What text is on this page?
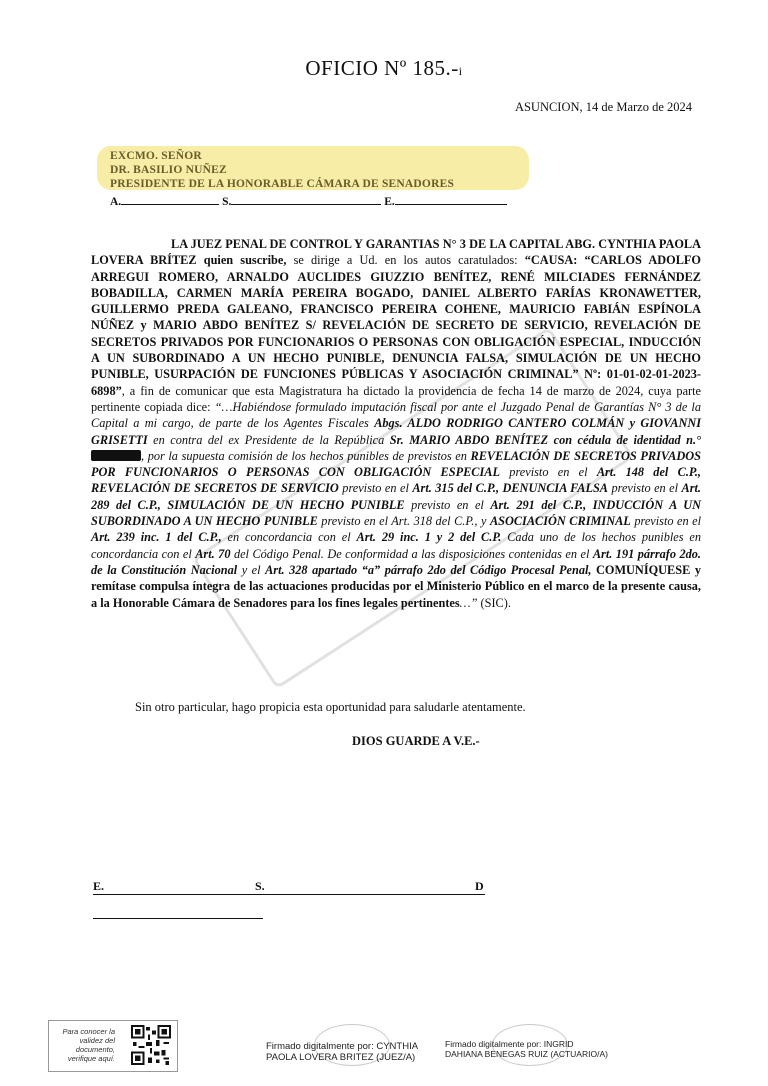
OFICIO Nº 185.-i
ASUNCION, 14 de Marzo de 2024
EXCMO. SEÑOR
DR. BASILIO NUÑEZ
PRESIDENTE DE LA HONORABLE CÁMARA DE SENADORES
A.	S.	E.

LA JUEZ PENAL DE CONTROL Y GARANTIAS N° 3 DE LA CAPITAL ABG. CYNTHIA PAOLA LOVERA BRÍTEZ quien suscribe, se dirige a Ud. en los autos caratulados: “CAUSA: “CARLOS ADOLFO ARREGUI ROMERO, ARNALDO AUCLIDES GIUZZIO BENÍTEZ, RENÉ MILCIADES FERNÁNDEZ BOBADILLA, CARMEN MARÍA PEREIRA BOGADO, DANIEL ALBERTO FARÍAS KRONAWETTER, GUILLERMO PREDA GALEANO, FRANCISCO PEREIRA COHENE, MAURICIO FABIÁN ESPÍNOLA NÚÑEZ y MARIO ABDO BENÍTEZ S/ REVELACIÓN DE SECRETO DE SERVICIO, REVELACIÓN DE SECRETOS PRIVADOS POR FUNCIONARIOS O PERSONAS CON OBLIGACIÓN ESPECIAL, INDUCCIÓN A UN SUBORDINADO A UN HECHO PUNIBLE, DENUNCIA FALSA, SIMULACIÓN DE UN HECHO PUNIBLE, USURPACIÓN DE FUNCIONES PÚBLICAS Y ASOCIACIÓN CRIMINAL” Nº: 01-01-02-01-2023-6898”, a fin de comunicar que esta Magistratura ha dictado la providencia de fecha 14 de marzo de 2024, cuya parte pertinente copiada dice: “…Habiéndose formulado imputación fiscal por ante el Juzgado Penal de Garantías N° 3 de la Capital a mi cargo, de parte de los Agentes Fiscales Abgs. ALDO RODRIGO CANTERO COLMÁN y GIOVANNI GRISETTI en contra del ex Presidente de la República Sr. MARIO ABDO BENÍTEZ con cédula de identidad n.° , por la supuesta comisión de los hechos punibles de previstos en REVELACIÓN DE SECRETOS PRIVADOS POR FUNCIONARIOS O PERSONAS CON OBLIGACIÓN ESPECIAL previsto en el Art. 148 del C.P., REVELACIÓN DE SECRETOS DE SERVICIO previsto en el Art. 315 del C.P., DENUNCIA FALSA previsto en el Art. 289 del C.P., SIMULACIÓN DE UN HECHO PUNIBLE previsto en el Art. 291 del C.P., INDUCCIÓN A UN SUBORDINADO A UN HECHO PUNIBLE previsto en el Art. 318 del C.P., y ASOCIACIÓN CRIMINAL previsto en el Art. 239 inc. 1 del C.P., en concordancia con el Art. 29 inc. 1 y 2 del C.P. Cada uno de los hechos punibles en concordancia con el Art. 70 del Código Penal. De conformidad a las disposiciones contenidas en el Art. 191 párrafo 2do. de la Constitución Nacional y el Art. 328 apartado “a” párrafo 2do del Código Procesal Penal, COMUNÍQUESE y remítase compulsa íntegra de las actuaciones producidas por el Ministerio Público en el marco de la presente causa, a la Honorable Cámara de Senadores para los fines legales pertinentes…” (SIC).

Sin otro particular, hago propicia esta oportunidad para saludarle atentamente.
DIOS GUARDE A V.E.-
E.	S.	D
Para conocer la validez del documento, verifique aquí.
Firmado digitalmente por: CYNTHIA
PAOLA LOVERA BRITEZ (JUEZ/A)
Firmado digitalmente por: INGRID
DAHIANA BENEGAS RUIZ (ACTUARIO/A)
